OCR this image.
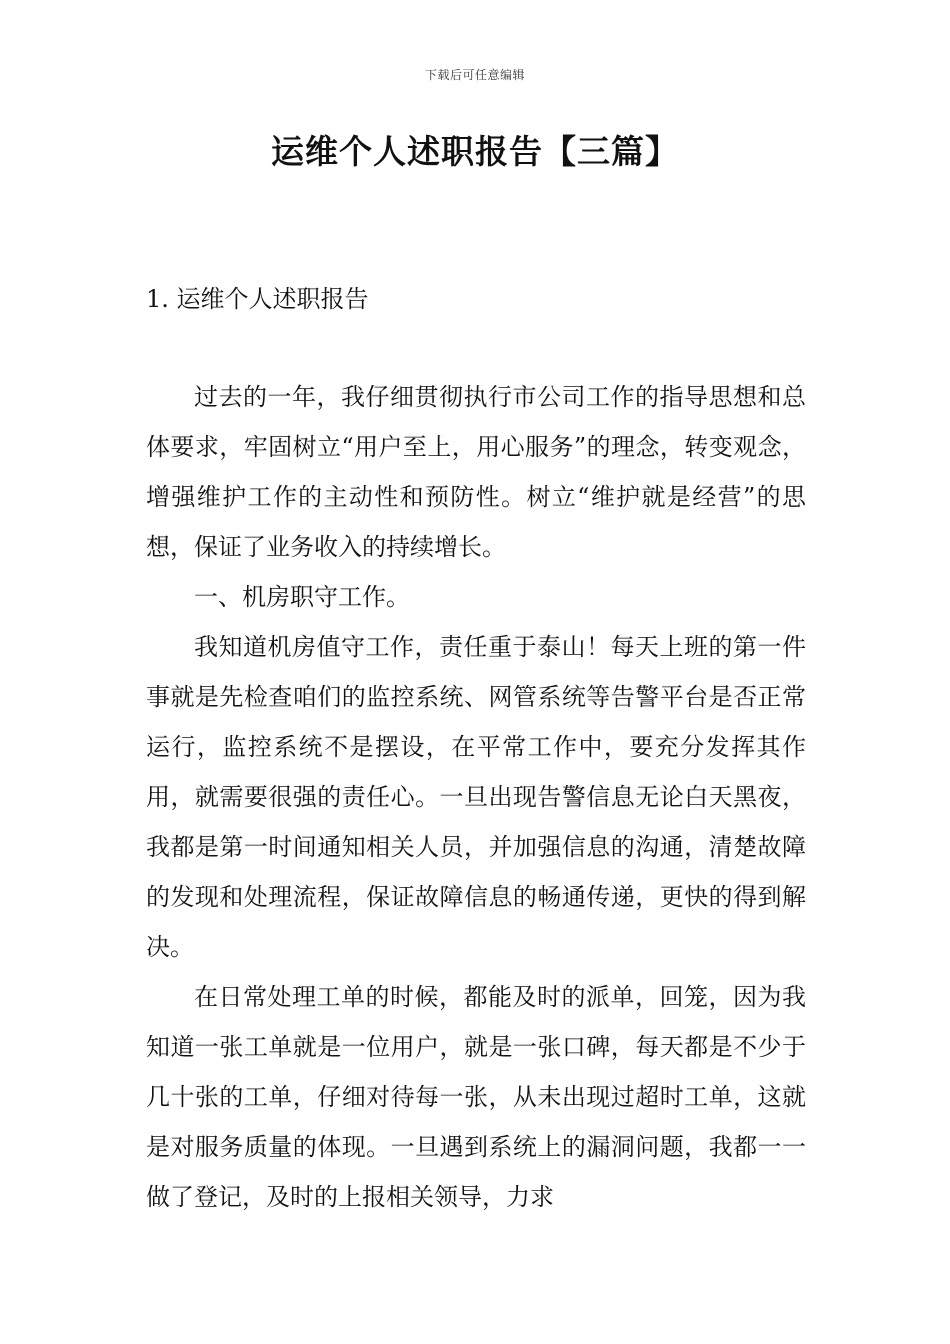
下载后可任意编辑
运维个人述职报告【三篇】
1. 运维个人述职报告

过去的一年，我仔细贯彻执行市公司工作的指导思想和总体要求，牢固树立“用户至上，用心服务”的理念，转变观念，增强维护工作的主动性和预防性。树立“维护就是经营”的思想，保证了业务收入的持续增长。

一、机房职守工作。

我知道机房值守工作，责任重于泰山！每天上班的第一件事就是先检查咱们的监控系统、网管系统等告警平台是否正常运行，监控系统不是摆设，在平常工作中，要充分发挥其作用，就需要很强的责任心。一旦出现告警信息无论白天黑夜，我都是第一时间通知相关人员，并加强信息的沟通，清楚故障的发现和处理流程，保证故障信息的畅通传递，更快的得到解决。

在日常处理工单的时候，都能及时的派单，回笼，因为我知道一张工单就是一位用户，就是一张口碑，每天都是不少于几十张的工单，仔细对待每一张，从未出现过超时工单，这就是对服务质量的体现。一旦遇到系统上的漏洞问题，我都一一做了登记，及时的上报相关领导，力求
